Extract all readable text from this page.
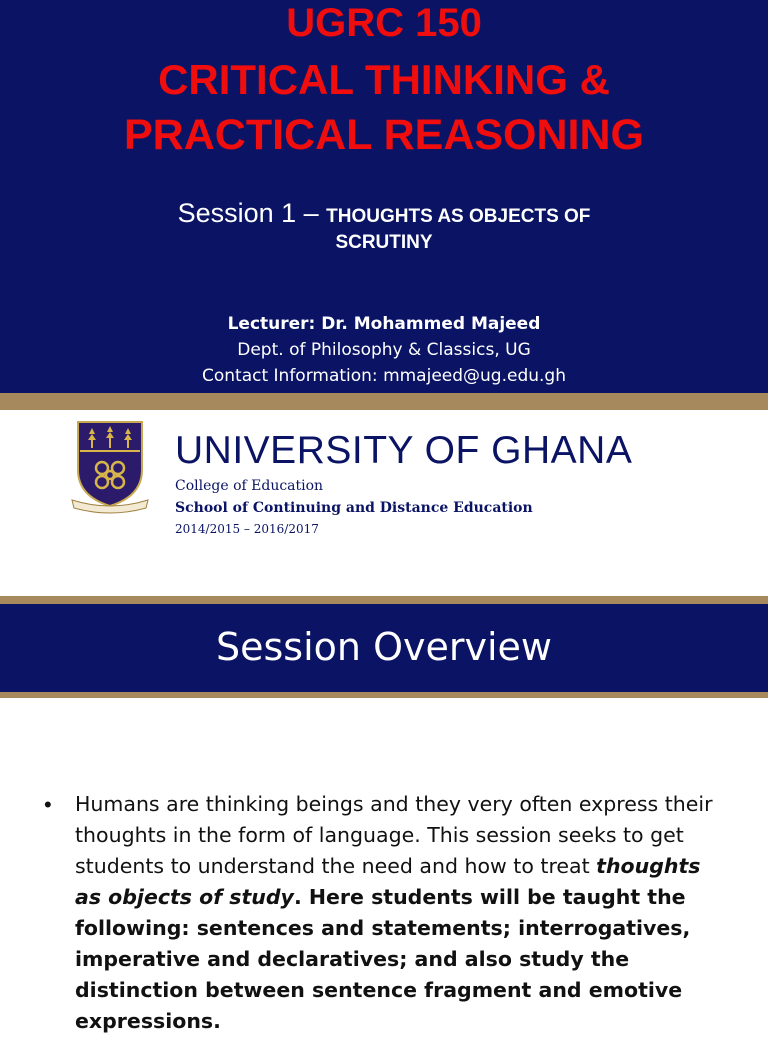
UGRC 150
CRITICAL THINKING &
PRACTICAL REASONING
Session 1 – THOUGHTS AS OBJECTS OF
SCRUTINY
Lecturer: Dr. Mohammed Majeed
Dept. of Philosophy & Classics, UG
Contact Information: mmajeed@ug.edu.gh
UNIVERSITY OF GHANA
College of Education
School of Continuing and Distance Education
2014/2015 – 2016/2017
Session Overview
• Humans are thinking beings and they very often express their thoughts in the form of language. This session seeks to get students to understand the need and how to treat thoughts as objects of study. Here students will be taught the following: sentences and statements; interrogatives, imperative and declaratives; and also study the distinction between sentence fragment and emotive expressions.
